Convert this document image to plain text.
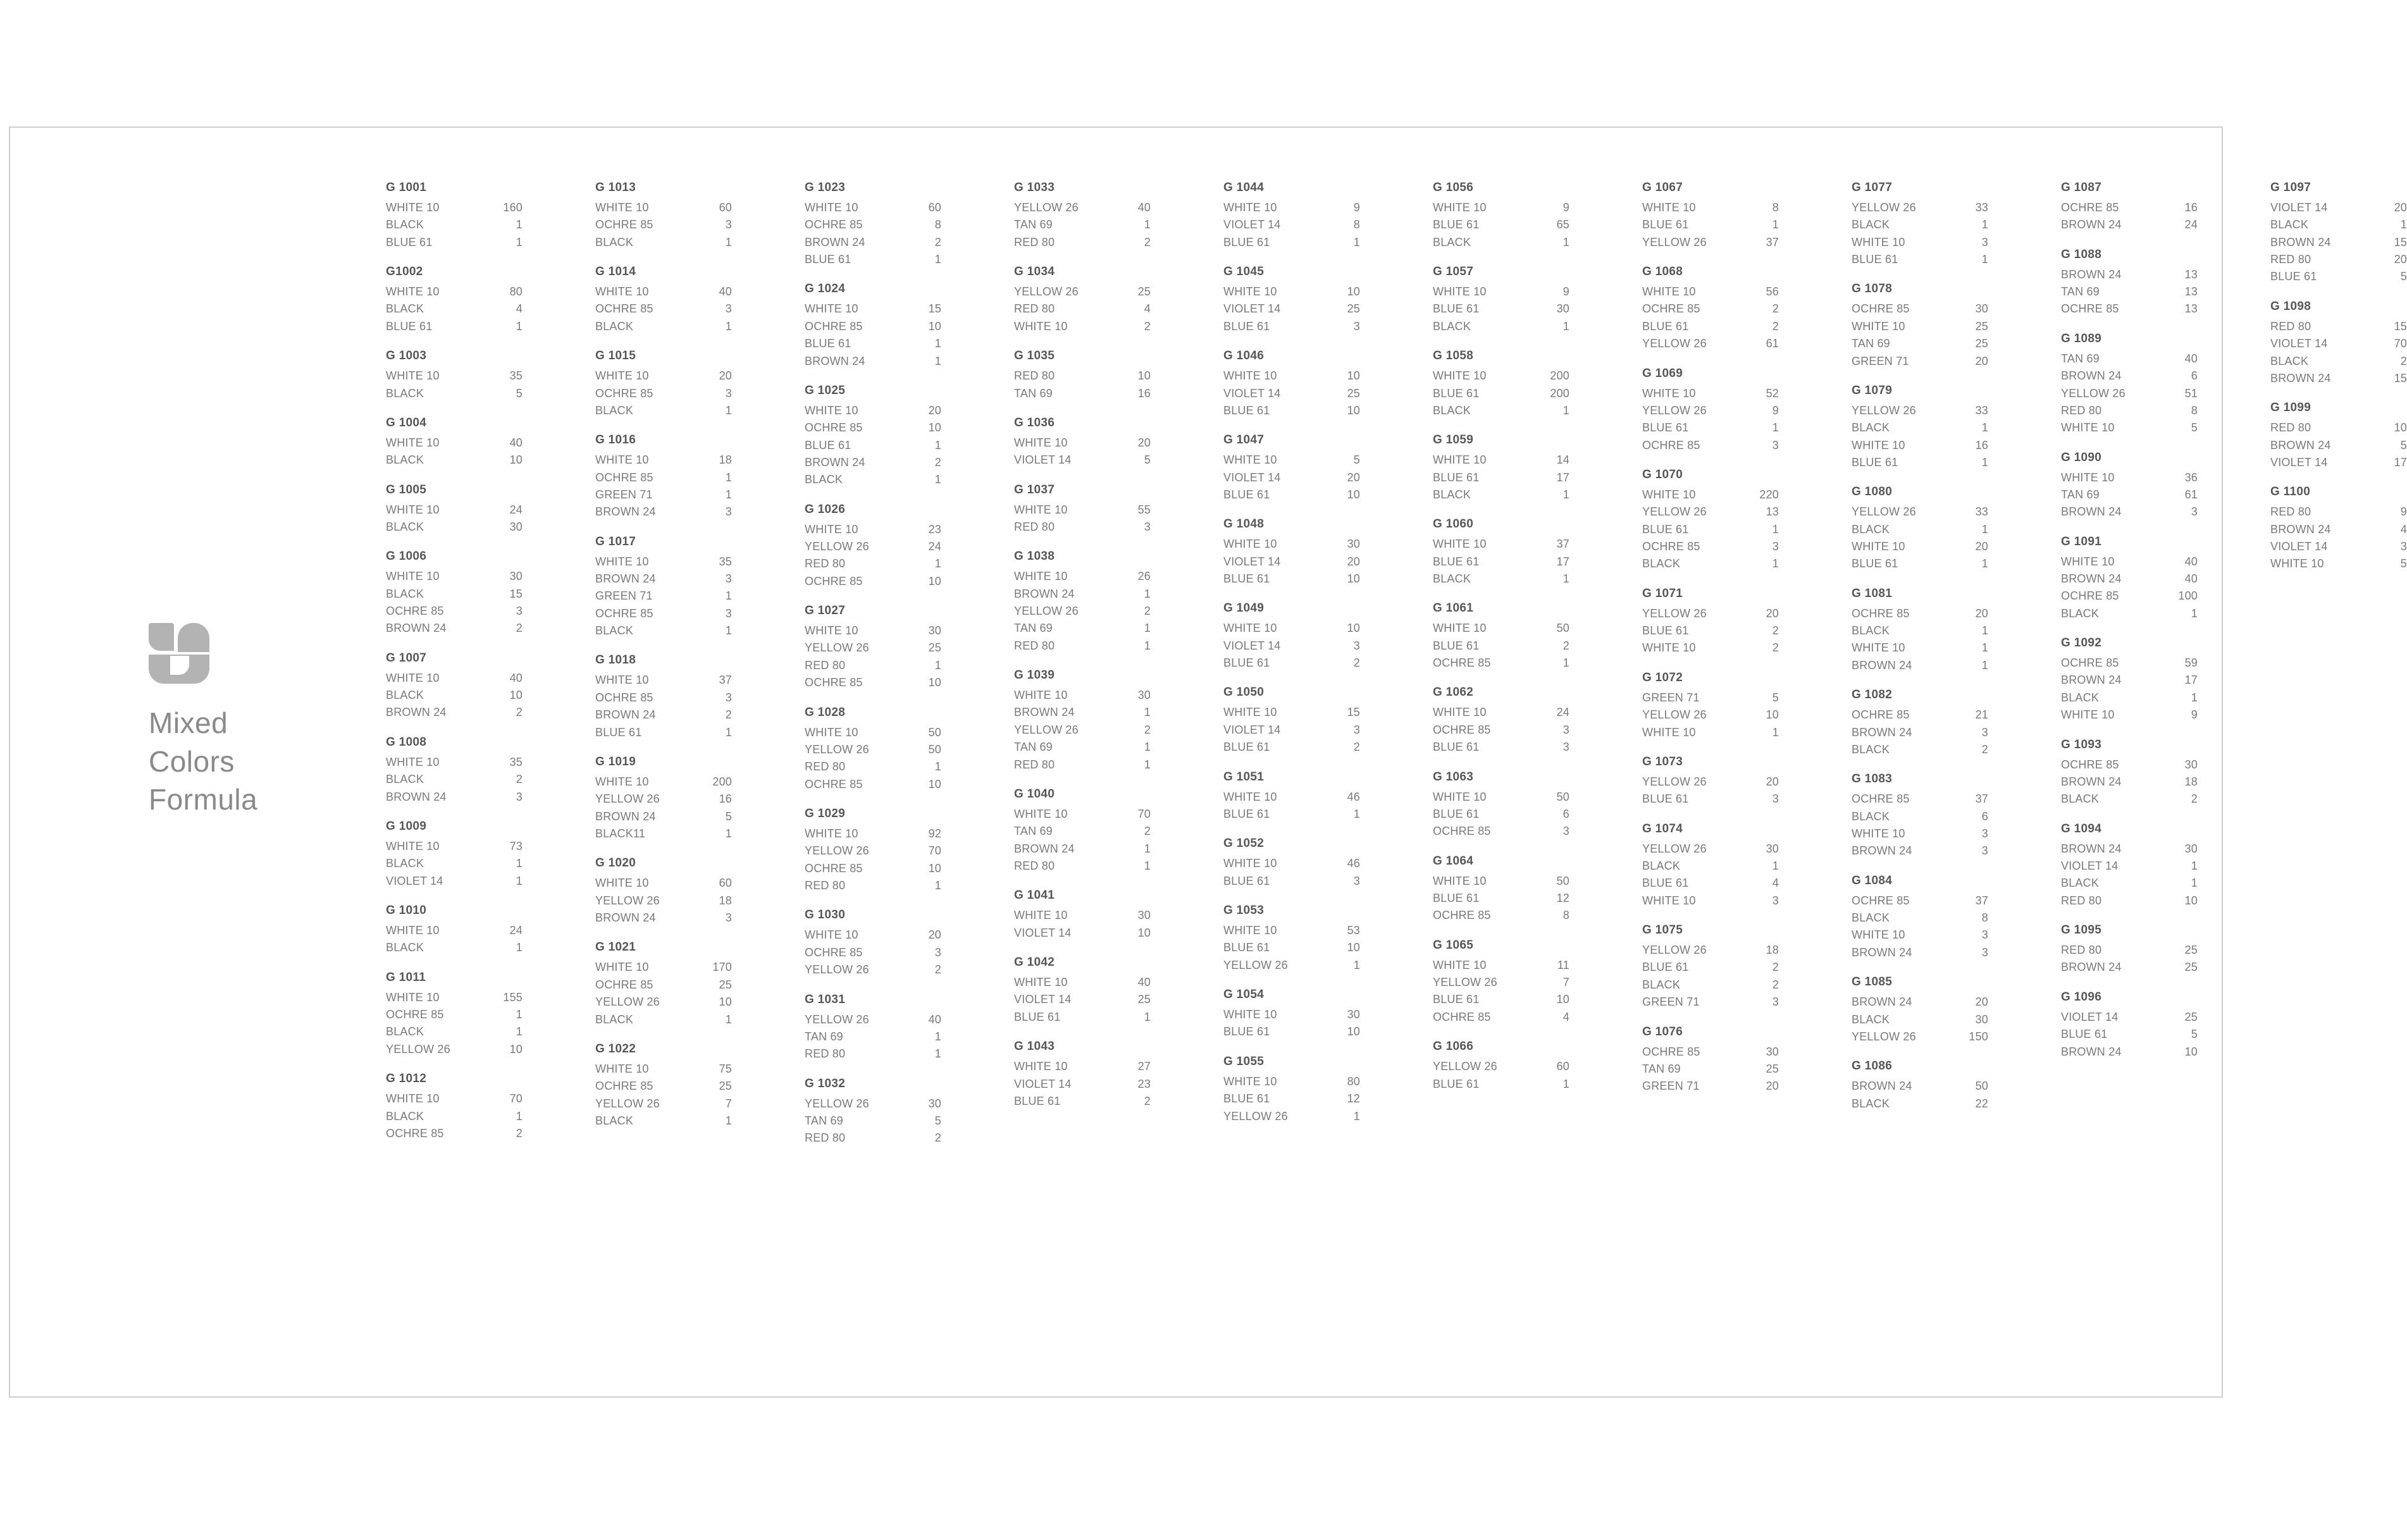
Mixed
Colors
Formula
G 1001
WHITE 10	160
BLACK	1
BLUE 61	1
G1002
WHITE 10	80
BLACK	4
BLUE 61	1
G 1003
WHITE 10	35
BLACK	5
G 1004
WHITE 10	40
BLACK	10
G 1005
WHITE 10	24
BLACK	30
G 1006
WHITE 10	30
BLACK	15
OCHRE 85	3
BROWN 24	2
G 1007
WHITE 10	40
BLACK	10
BROWN 24	2
G 1008
WHITE 10	35
BLACK	2
BROWN 24	3
G 1009
WHITE 10	73
BLACK	1
VIOLET 14	1
G 1010
WHITE 10	24
BLACK	1
G 1011
WHITE 10	155
OCHRE 85	1
BLACK	1
YELLOW 26	10
G 1012
WHITE 10	70
BLACK	1
OCHRE 85	2
G 1013
WHITE 10	60
OCHRE 85	3
BLACK	1
G 1014
WHITE 10	40
OCHRE 85	3
BLACK	1
G 1015
WHITE 10	20
OCHRE 85	3
BLACK	1
G 1016
WHITE 10	18
OCHRE 85	1
GREEN 71	1
BROWN 24	3
G 1017
WHITE 10	35
BROWN 24	3
GREEN 71	1
OCHRE 85	3
BLACK	1
G 1018
WHITE 10	37
OCHRE 85	3
BROWN 24	2
BLUE 61	1
G 1019
WHITE 10	200
YELLOW 26	16
BROWN 24	5
BLACK11	1
G 1020
WHITE 10	60
YELLOW 26	18
BROWN 24	3
G 1021
WHITE 10	170
OCHRE 85	25
YELLOW 26	10
BLACK	1
G 1022
WHITE 10	75
OCHRE 85	25
YELLOW 26	7
BLACK	1
G 1023
WHITE 10	60
OCHRE 85	8
BROWN 24	2
BLUE 61	1
G 1024
WHITE 10	15
OCHRE 85	10
BLUE 61	1
BROWN 24	1
G 1025
WHITE 10	20
OCHRE 85	10
BLUE 61	1
BROWN 24	2
BLACK	1
G 1026
WHITE 10	23
YELLOW 26	24
RED 80	1
OCHRE 85	10
G 1027
WHITE 10	30
YELLOW 26	25
RED 80	1
OCHRE 85	10
G 1028
WHITE 10	50
YELLOW 26	50
RED 80	1
OCHRE 85	10
G 1029
WHITE 10	92
YELLOW 26	70
OCHRE 85	10
RED 80	1
G 1030
WHITE 10	20
OCHRE 85	3
YELLOW 26	2
G 1031
YELLOW 26	40
TAN 69	1
RED 80	1
G 1032
YELLOW 26	30
TAN 69	5
RED 80	2
G 1033
YELLOW 26	40
TAN 69	1
RED 80	2
G 1034
YELLOW 26	25
RED 80	4
WHITE 10	2
G 1035
RED 80	10
TAN 69	16
G 1036
WHITE 10	20
VIOLET 14	5
G 1037
WHITE 10	55
RED 80	3
G 1038
WHITE 10	26
BROWN 24	1
YELLOW 26	2
TAN 69	1
RED 80	1
G 1039
WHITE 10	30
BROWN 24	1
YELLOW 26	2
TAN 69	1
RED 80	1
G 1040
WHITE 10	70
TAN 69	2
BROWN 24	1
RED 80	1
G 1041
WHITE 10	30
VIOLET 14	10
G 1042
WHITE 10	40
VIOLET 14	25
BLUE 61	1
G 1043
WHITE 10	27
VIOLET 14	23
BLUE 61	2
G 1044
WHITE 10	9
VIOLET 14	8
BLUE 61	1
G 1045
WHITE 10	10
VIOLET 14	25
BLUE 61	3
G 1046
WHITE 10	10
VIOLET 14	25
BLUE 61	10
G 1047
WHITE 10	5
VIOLET 14	20
BLUE 61	10
G 1048
WHITE 10	30
VIOLET 14	20
BLUE 61	10
G 1049
WHITE 10	10
VIOLET 14	3
BLUE 61	2
G 1050
WHITE 10	15
VIOLET 14	3
BLUE 61	2
G 1051
WHITE 10	46
BLUE 61	1
G 1052
WHITE 10	46
BLUE 61	3
G 1053
WHITE 10	53
BLUE 61	10
YELLOW 26	1
G 1054
WHITE 10	30
BLUE 61	10
G 1055
WHITE 10	80
BLUE 61	12
YELLOW 26	1
G 1056
WHITE 10	9
BLUE 61	65
BLACK	1
G 1057
WHITE 10	9
BLUE 61	30
BLACK	1
G 1058
WHITE 10	200
BLUE 61	200
BLACK	1
G 1059
WHITE 10	14
BLUE 61	17
BLACK	1
G 1060
WHITE 10	37
BLUE 61	17
BLACK	1
G 1061
WHITE 10	50
BLUE 61	2
OCHRE 85	1
G 1062
WHITE 10	24
OCHRE 85	3
BLUE 61	3
G 1063
WHITE 10	50
BLUE 61	6
OCHRE 85	3
G 1064
WHITE 10	50
BLUE 61	12
OCHRE 85	8
G 1065
WHITE 10	11
YELLOW 26	7
BLUE 61	10
OCHRE 85	4
G 1066
YELLOW 26	60
BLUE 61	1
G 1067
WHITE 10	8
BLUE 61	1
YELLOW 26	37
G 1068
WHITE 10	56
OCHRE 85	2
BLUE 61	2
YELLOW 26	61
G 1069
WHITE 10	52
YELLOW 26	9
BLUE 61	1
OCHRE 85	3
G 1070
WHITE 10	220
YELLOW 26	13
BLUE 61	1
OCHRE 85	3
BLACK	1
G 1071
YELLOW 26	20
BLUE 61	2
WHITE 10	2
G 1072
GREEN 71	5
YELLOW 26	10
WHITE 10	1
G 1073
YELLOW 26	20
BLUE 61	3
G 1074
YELLOW 26	30
BLACK	1
BLUE 61	4
WHITE 10	3
G 1075
YELLOW 26	18
BLUE 61	2
BLACK	2
GREEN 71	3
G 1076
OCHRE 85	30
TAN 69	25
GREEN 71	20
G 1077
YELLOW 26	33
BLACK	1
WHITE 10	3
BLUE 61	1
G 1078
OCHRE 85	30
WHITE 10	25
TAN 69	25
GREEN 71	20
G 1079
YELLOW 26	33
BLACK	1
WHITE 10	16
BLUE 61	1
G 1080
YELLOW 26	33
BLACK	1
WHITE 10	20
BLUE 61	1
G 1081
OCHRE 85	20
BLACK	1
WHITE 10	1
BROWN 24	1
G 1082
OCHRE 85	21
BROWN 24	3
BLACK	2
G 1083
OCHRE 85	37
BLACK	6
WHITE 10	3
BROWN 24	3
G 1084
OCHRE 85	37
BLACK	8
WHITE 10	3
BROWN 24	3
G 1085
BROWN 24	20
BLACK	30
YELLOW 26	150
G 1086
BROWN 24	50
BLACK	22
G 1087
OCHRE 85	16
BROWN 24	24
G 1088
BROWN 24	13
TAN 69	13
OCHRE 85	13
G 1089
TAN 69	40
BROWN 24	6
YELLOW 26	51
RED 80	8
WHITE 10	5
G 1090
WHITE 10	36
TAN 69	61
BROWN 24	3
G 1091
WHITE 10	40
BROWN 24	40
OCHRE 85	100
BLACK	1
G 1092
OCHRE 85	59
BROWN 24	17
BLACK	1
WHITE 10	9
G 1093
OCHRE 85	30
BROWN 24	18
BLACK	2
G 1094
BROWN 24	30
VIOLET 14	1
BLACK	1
RED 80	10
G 1095
RED 80	25
BROWN 24	25
G 1096
VIOLET 14	25
BLUE 61	5
BROWN 24	10
G 1097
VIOLET 14	20
BLACK	1
BROWN 24	15
RED 80	20
BLUE 61	5
G 1098
RED 80	15
VIOLET 14	70
BLACK	2
BROWN 24	15
G 1099
RED 80	10
BROWN 24	5
VIOLET 14	17
G 1100
RED 80	9
BROWN 24	4
VIOLET 14	3
WHITE 10	5
